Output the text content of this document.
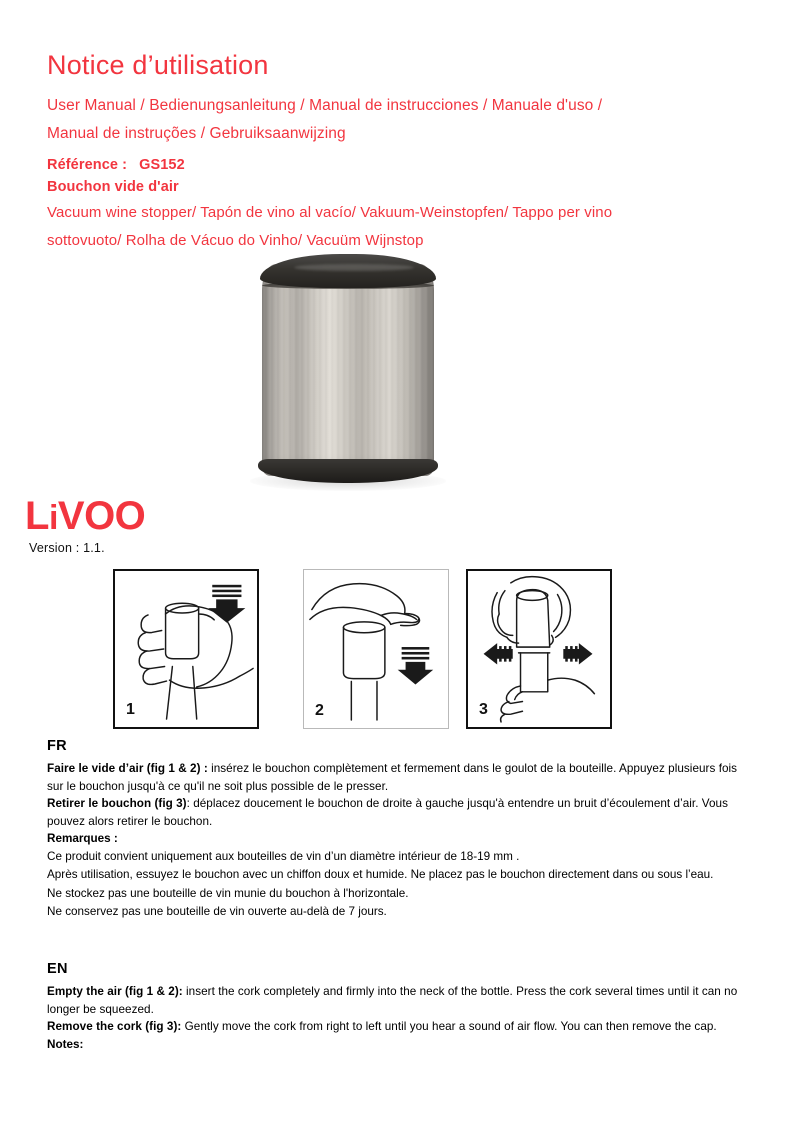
Notice d’utilisation

User Manual / Bedienungsanleitung / Manual de instrucciones / Manuale d'uso /

Manual de instruções / Gebruiksaanwijzing

Référence : GS152

Bouchon vide d'air

Vacuum wine stopper/ Tapón de vino al vacío/ Vakuum-Weinstopfen/ Tappo per vino

sottovuoto/ Rolha de Vácuo do Vinho/ Vacuüm Wijnstop

LiVOO

Version : 1.1.
1	2	3

FR

Faire le vide d’air (fig 1 & 2) : insérez le bouchon complètement et fermement dans le goulot de la bouteille. Appuyez plusieurs fois sur le bouchon jusqu'à ce qu'il ne soit plus possible de le presser.

Retirer le bouchon (fig 3): déplacez doucement le bouchon de droite à gauche jusqu'à entendre un bruit d’écoulement d’air. Vous pouvez alors retirer le bouchon.

Remarques :

Ce produit convient uniquement aux bouteilles de vin d’un diamètre intérieur de 18-19 mm .

Après utilisation, essuyez le bouchon avec un chiffon doux et humide. Ne placez pas le bouchon directement dans ou sous l’eau.

Ne stockez pas une bouteille de vin munie du bouchon à l'horizontale.

Ne conservez pas une bouteille de vin ouverte au-delà de 7 jours.

EN

Empty the air (fig 1 & 2): insert the cork completely and firmly into the neck of the bottle. Press the cork several times until it can no longer be squeezed.

Remove the cork (fig 3): Gently move the cork from right to left until you hear a sound of air flow. You can then remove the cap.

Notes:
